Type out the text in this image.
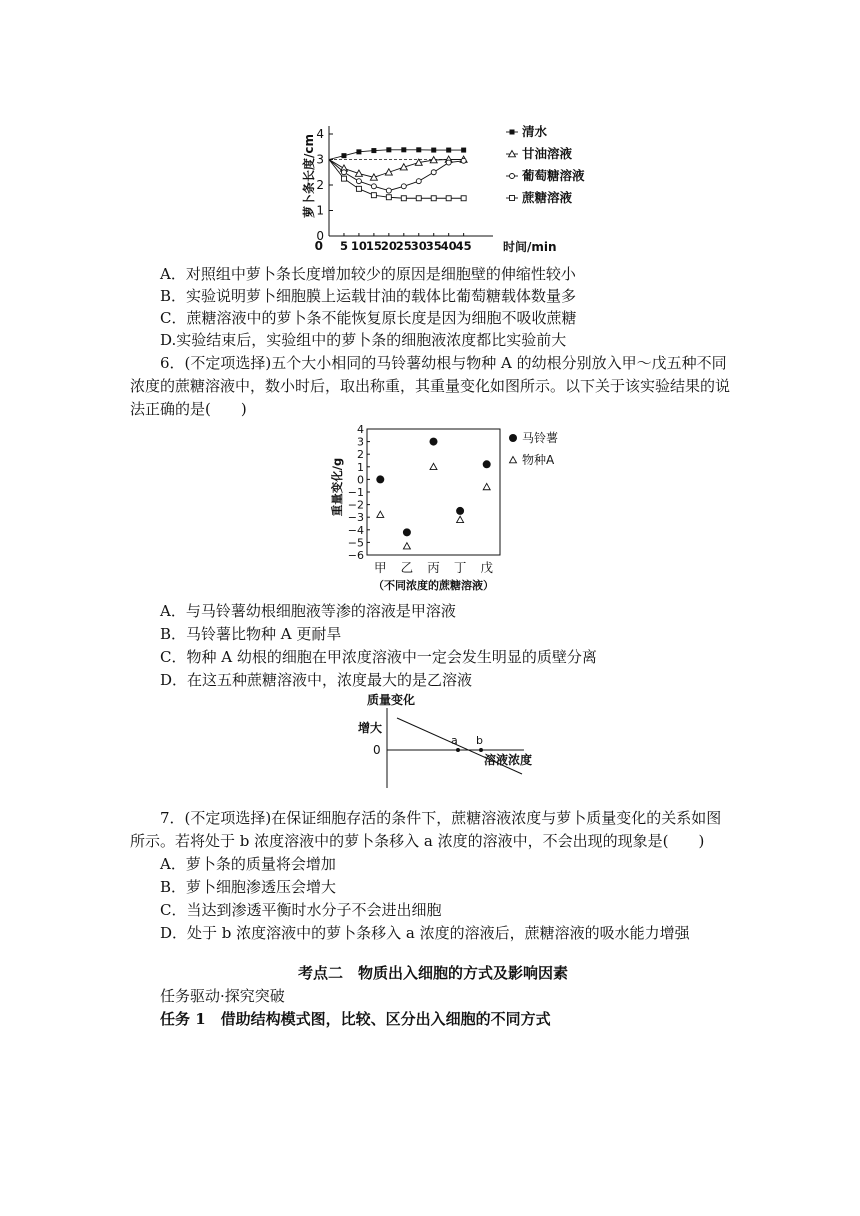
0
1
2
3
4
5 10
15
20
25
30
35
40
45
0	时间/min
萝卜条长度/cm
清水
甘油溶液
葡萄糖溶液
蔗糖溶液
A．对照组中萝卜条长度增加较少的原因是细胞壁的伸缩性较小
B．实验说明萝卜细胞膜上运载甘油的载体比葡萄糖载体数量多
C．蔗糖溶液中的萝卜条不能恢复原长度是因为细胞不吸收蔗糖
D.实验结束后，实验组中的萝卜条的细胞液浓度都比实验前大
6．(不定项选择)五个大小相同的马铃薯幼根与物种 A 的幼根分别放入甲～戊五种不同
浓度的蔗糖溶液中，数小时后，取出称重，其重量变化如图所示。以下关于该实验结果的说
法正确的是(　　)
4
3
2
1
0
−1
−2
−3
−4
−5
−6
甲 乙 丙 丁 戊
（不同浓度的蔗糖溶液）
重量变化/g
马铃薯
物种A
A．与马铃薯幼根细胞液等渗的溶液是甲溶液
B．马铃薯比物种 A 更耐旱
C．物种 A 幼根的细胞在甲浓度溶液中一定会发生明显的质壁分离
D．在这五种蔗糖溶液中，浓度最大的是乙溶液
质量变化
增大
0
a b
溶液浓度
7．(不定项选择)在保证细胞存活的条件下，蔗糖溶液浓度与萝卜质量变化的关系如图
所示。若将处于 b 浓度溶液中的萝卜条移入 a 浓度的溶液中，不会出现的现象是(　　)
A．萝卜条的质量将会增加
B．萝卜细胞渗透压会增大
C．当达到渗透平衡时水分子不会进出细胞
D．处于 b 浓度溶液中的萝卜条移入 a 浓度的溶液后，蔗糖溶液的吸水能力增强
考点二　物质出入细胞的方式及影响因素
任务驱动·探究突破
任务 1　借助结构模式图，比较、区分出入细胞的不同方式
